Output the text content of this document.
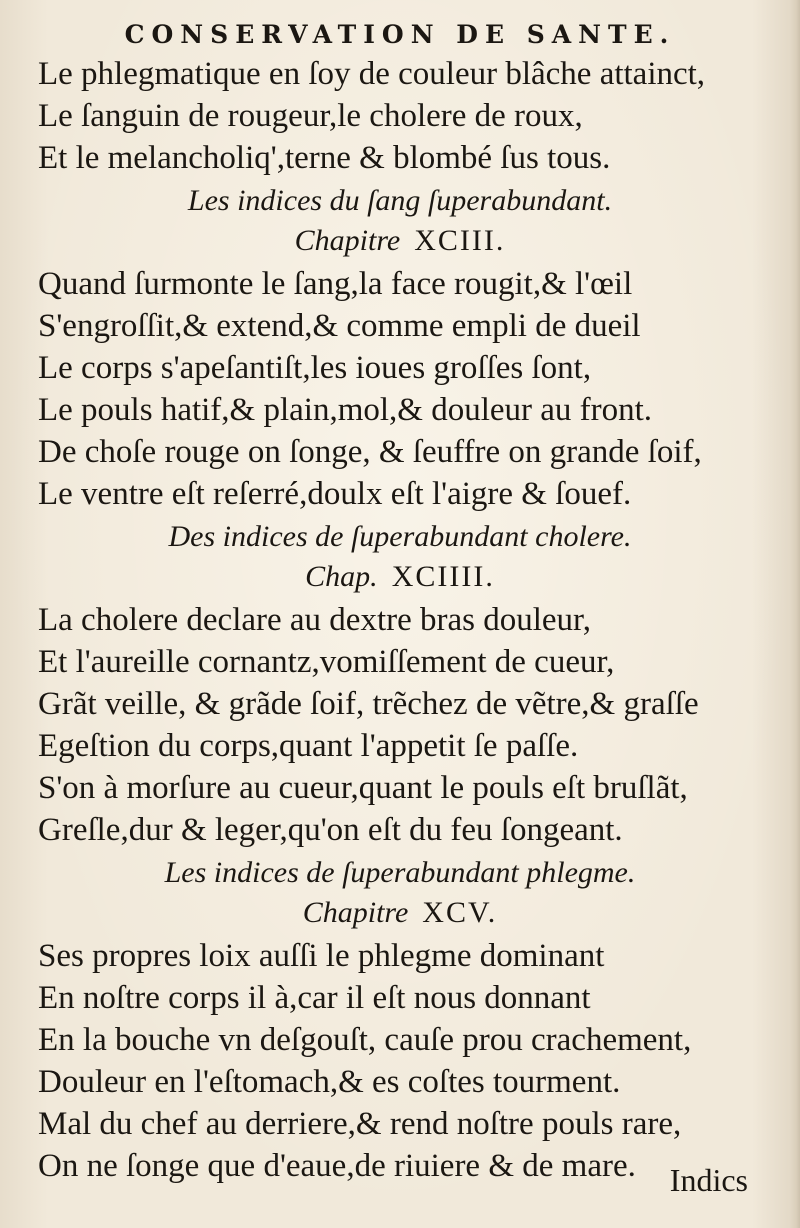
CONSERVATION DE SANTE.
Le phlegmatique en ſoy de couleur blâche attainct,
Le ſanguin de rougeur,le cholere de roux,
Et le melancholiq',terne & blombé ſus tous.
Les indices du ſang ſuperabundant.
Chapitre XCIII.
Quand ſurmonte le ſang,la face rougit,& l'œil
S'engroſſit,& extend,& comme empli de dueil
Le corps s'apeſantiſt,les ioues groſſes ſont,
Le pouls hatif,& plain,mol,& douleur au front.
De choſe rouge on ſonge, & ſeuffre on grande ſoif,
Le ventre eſt reſerré,doulx eſt l'aigre & ſouef.
Des indices de ſuperabundant cholere.
Chap. XCIIII.
La cholere declare au dextre bras douleur,
Et l'aureille cornantz,vomiſſement de cueur,
Grãt veille, & grãde ſoif, trẽchez de vẽtre,& graſſe
Egeſtion du corps,quant l'appetit ſe paſſe.
S'on à morſure au cueur,quant le pouls eſt bruſlãt,
Greſle,dur & leger,qu'on eſt du feu ſongeant.
Les indices de ſuperabundant phlegme.
Chapitre XCV.
Ses propres loix auſſi le phlegme dominant
En noſtre corps il à,car il eſt nous donnant
En la bouche vn deſgouſt, cauſe prou crachement,
Douleur en l'eſtomach,& es coſtes tourment.
Mal du chef au derriere,& rend noſtre pouls rare,
On ne ſonge que d'eaue,de riuiere & de mare. Indics
